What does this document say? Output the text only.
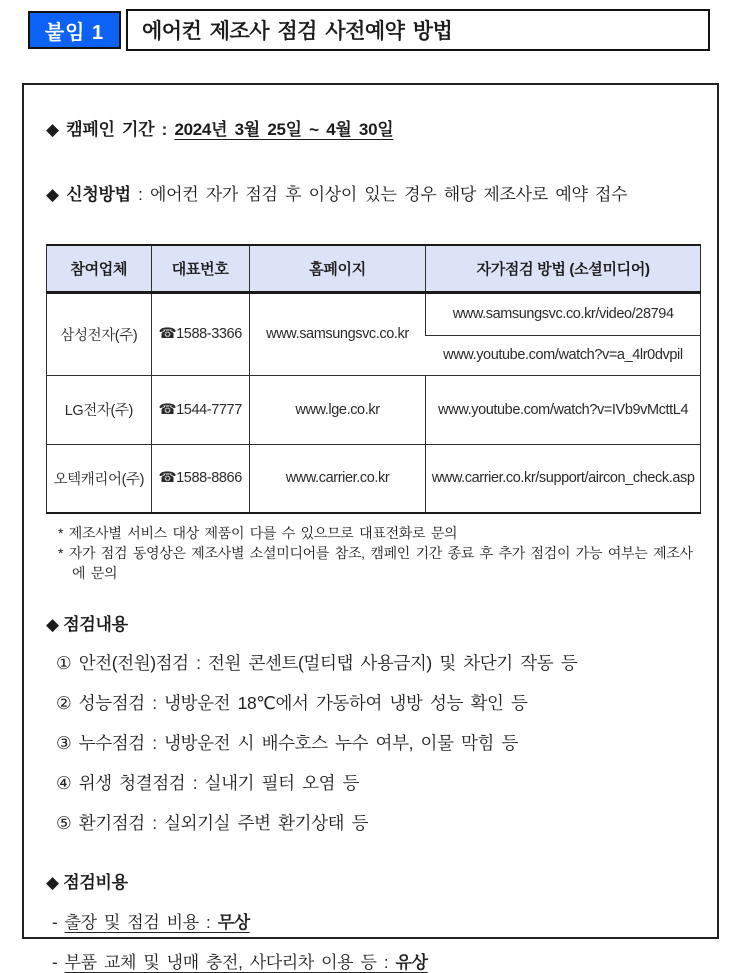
붙임 1	에어컨 제조사 점검 사전예약 방법

◆ 캠페인 기간 : 2024년 3월 25일 ~ 4월 30일

◆ 신청방법 : 에어컨 자가 점검 후 이상이 있는 경우 해당 제조사로 예약 접수

참여업체	대표번호	홈페이지	자가점검 방법 (소셜미디어)
삼성전자(주)	☎1588-3366	www.samsungsvc.co.kr	www.samsungsvc.co.kr/video/28794
			www.youtube.com/watch?v=a_4lr0dvpil
LG전자(주)	☎1544-7777	www.lge.co.kr	www.youtube.com/watch?v=IVb9vMcttL4
오텍캐리어(주)	☎1588-8866	www.carrier.co.kr	www.carrier.co.kr/support/aircon_check.asp

* 제조사별 서비스 대상 제품이 다를 수 있으므로 대표전화로 문의

* 자가 점검 동영상은 제조사별 소셜미디어를 참조, 캠페인 기간 종료 후 추가 점검이 가능 여부는 제조사에 문의

◆ 점검내용

① 안전(전원)점검 : 전원 콘센트(멀티탭 사용금지) 및 차단기 작동 등

② 성능점검 : 냉방운전 18℃에서 가동하여 냉방 성능 확인 등

③ 누수점검 : 냉방운전 시 배수호스 누수 여부, 이물 막힘 등

④ 위생 청결점검 : 실내기 필터 오염 등

⑤ 환기점검 : 실외기실 주변 환기상태 등

◆ 점검비용

- 출장 및 점검 비용 : 무상

- 부품 교체 및 냉매 충전, 사다리차 이용 등 : 유상
